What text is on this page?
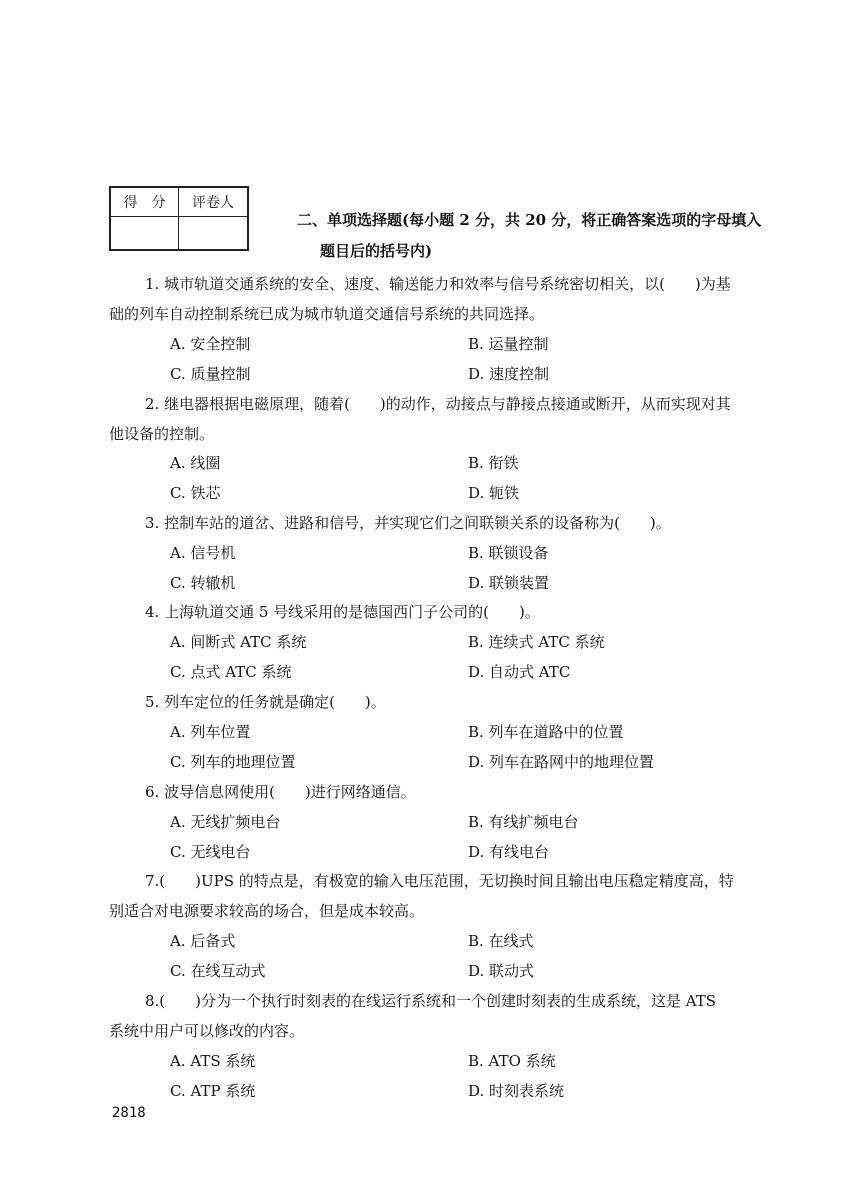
得　分	评卷人

二、单项选择题(每小题 2 分，共 20 分，将正确答案选项的字母填入
题目后的括号内)
1. 城市轨道交通系统的安全、速度、输送能力和效率与信号系统密切相关，以(　　)为基
础的列车自动控制系统已成为城市轨道交通信号系统的共同选择。
A. 安全控制	B. 运量控制
C. 质量控制	D. 速度控制
2. 继电器根据电磁原理，随着(　　)的动作，动接点与静接点接通或断开，从而实现对其
他设备的控制。
A. 线圈	B. 衔铁
C. 铁芯	D. 轭铁
3. 控制车站的道岔、进路和信号，并实现它们之间联锁关系的设备称为(　　)。
A. 信号机	B. 联锁设备
C. 转辙机	D. 联锁装置
4. 上海轨道交通 5 号线采用的是德国西门子公司的(　　)。
A. 间断式 ATC 系统	B. 连续式 ATC 系统
C. 点式 ATC 系统	D. 自动式 ATC
5. 列车定位的任务就是确定(　　)。
A. 列车位置	B. 列车在道路中的位置
C. 列车的地理位置	D. 列车在路网中的地理位置
6. 波导信息网使用(　　)进行网络通信。
A. 无线扩频电台	B. 有线扩频电台
C. 无线电台	D. 有线电台
7.(　　)UPS 的特点是，有极宽的输入电压范围，无切换时间且输出电压稳定精度高，特
别适合对电源要求较高的场合，但是成本较高。
A. 后备式	B. 在线式
C. 在线互动式	D. 联动式
8.(　　)分为一个执行时刻表的在线运行系统和一个创建时刻表的生成系统，这是 ATS
系统中用户可以修改的内容。
A. ATS 系统	B. ATO 系统
C. ATP 系统	D. 时刻表系统
2818
